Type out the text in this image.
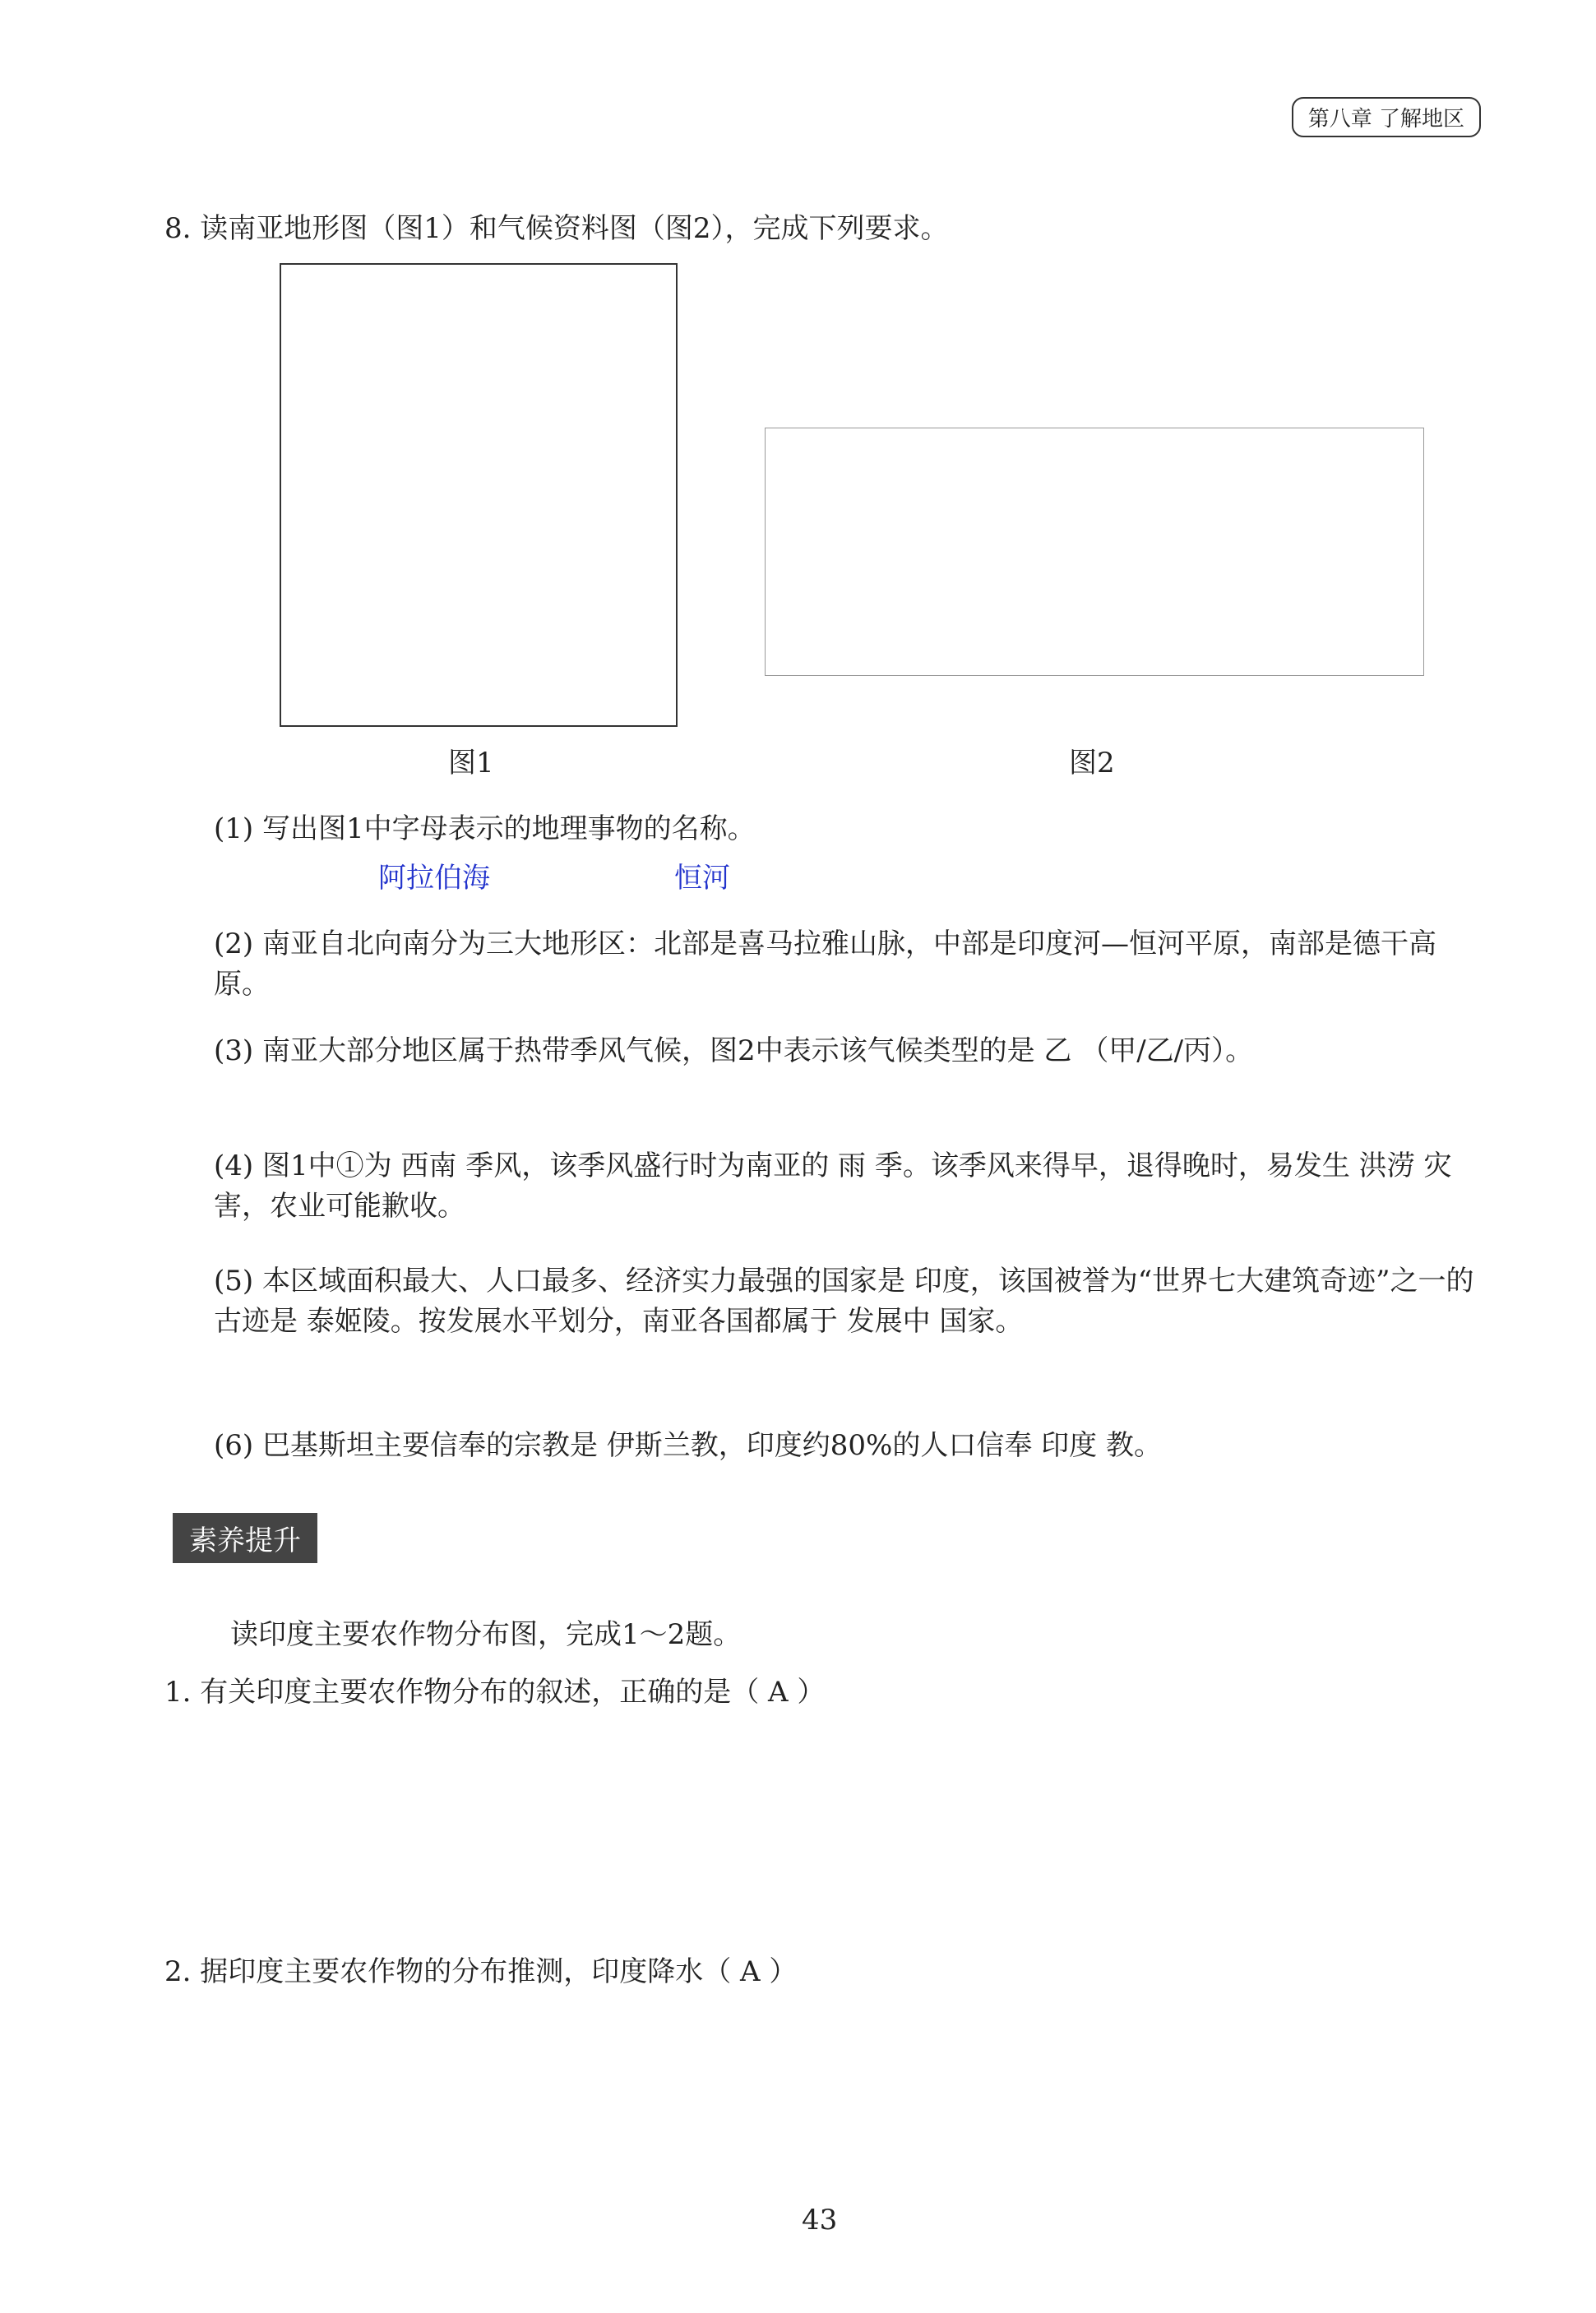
第八章 了解地区
8. 读南亚地形图（图1）和气候资料图（图2），完成下列要求。
图1	图2
(1) 写出图1中字母表示的地理事物的名称。
阿拉伯海	恒河
(2) 南亚自北向南分为三大地形区：北部是喜马拉雅山脉，中部是印度河—恒河平原，南部是德干高原。
(3) 南亚大部分地区属于热带季风气候，图2中表示该气候类型的是 乙 （甲/乙/丙）。
(4) 图1中①为 西南 季风，该季风盛行时为南亚的 雨 季。该季风来得早，退得晚时，易发生 洪涝 灾害，农业可能歉收。
(5) 本区域面积最大、人口最多、经济实力最强的国家是 印度，该国被誉为“世界七大建筑奇迹”之一的古迹是 泰姬陵。按发展水平划分，南亚各国都属于 发展中 国家。
(6) 巴基斯坦主要信奉的宗教是 伊斯兰教，印度约80%的人口信奉 印度 教。
素养提升
读印度主要农作物分布图，完成1～2题。
1. 有关印度主要农作物分布的叙述，正确的是（ A ）
2. 据印度主要农作物的分布推测，印度降水（ A ）
43
